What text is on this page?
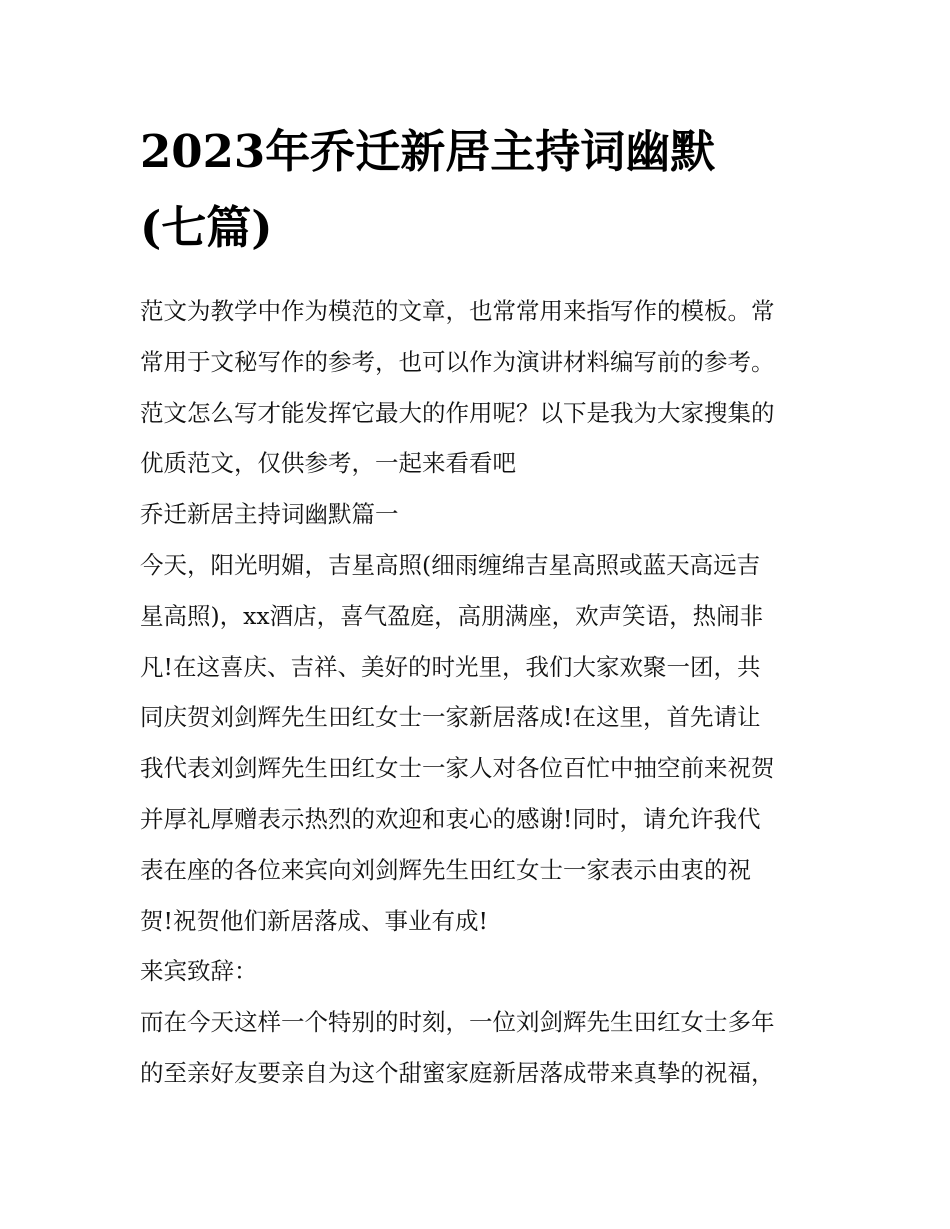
2023年乔迁新居主持词幽默
(七篇)

范文为教学中作为模范的文章，也常常用来指写作的模板。常
常用于文秘写作的参考，也可以作为演讲材料编写前的参考。
范文怎么写才能发挥它最大的作用呢？以下是我为大家搜集的
优质范文，仅供参考，一起来看看吧

乔迁新居主持词幽默篇一

今天，阳光明媚，吉星高照(细雨缠绵吉星高照或蓝天高远吉
星高照)，xx酒店，喜气盈庭，高朋满座，欢声笑语，热闹非
凡!在这喜庆、吉祥、美好的时光里，我们大家欢聚一团，共
同庆贺刘剑辉先生田红女士一家新居落成!在这里，首先请让
我代表刘剑辉先生田红女士一家人对各位百忙中抽空前来祝贺
并厚礼厚赠表示热烈的欢迎和衷心的感谢!同时，请允许我代
表在座的各位来宾向刘剑辉先生田红女士一家表示由衷的祝
贺!祝贺他们新居落成、事业有成!

来宾致辞：

而在今天这样一个特别的时刻，一位刘剑辉先生田红女士多年
的至亲好友要亲自为这个甜蜜家庭新居落成带来真挚的祝福，
